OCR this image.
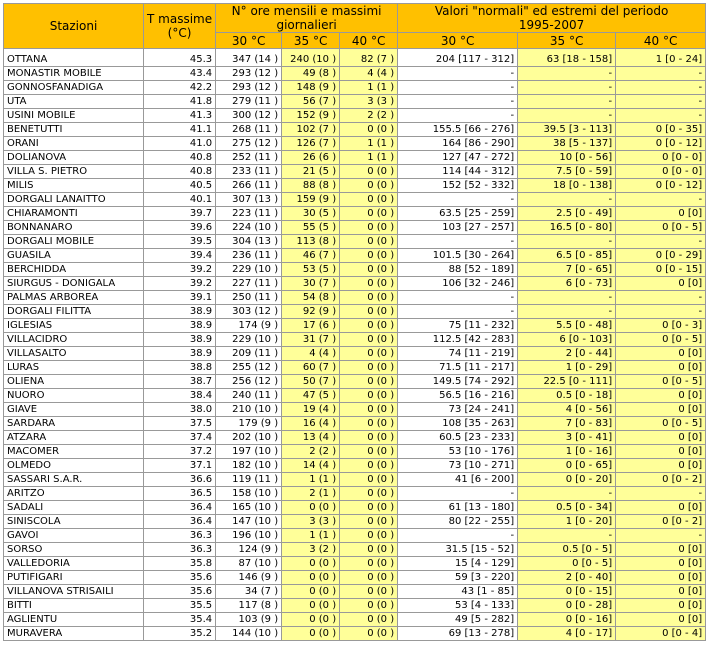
Stazioni	T massime
(°C)	N° ore mensili e massimi
giornalieri			Valori "normali" ed estremi del periodo
1995-2007		
		30 °C	35 °C	40 °C	30 °C	35 °C	40 °C
OTTANA	45.3	347 (14 )	240 (10 )	82 (7 )	204 [117 - 312]	63 [18 - 158]	1 [0 - 24]
MONASTIR MOBILE	43.4	293 (12 )	49 (8 )	4 (4 )	-	-	-
GONNOSFANADIGA	42.2	293 (12 )	148 (9 )	1 (1 )	-	-	-
UTA	41.8	279 (11 )	56 (7 )	3 (3 )	-	-	-
USINI MOBILE	41.3	300 (12 )	152 (9 )	2 (2 )	-	-	-
BENETUTTI	41.1	268 (11 )	102 (7 )	0 (0 )	155.5 [66 - 276]	39.5 [3 - 113]	0 [0 - 35]
ORANI	41.0	275 (12 )	126 (7 )	1 (1 )	164 [86 - 290]	38 [5 - 137]	0 [0 - 12]
DOLIANOVA	40.8	252 (11 )	26 (6 )	1 (1 )	127 [47 - 272]	10 [0 - 56]	0 [0 - 0]
VILLA S. PIETRO	40.8	233 (11 )	21 (5 )	0 (0 )	114 [44 - 312]	7.5 [0 - 59]	0 [0 - 0]
MILIS	40.5	266 (11 )	88 (8 )	0 (0 )	152 [52 - 332]	18 [0 - 138]	0 [0 - 12]
DORGALI LANAITTO	40.1	307 (13 )	159 (9 )	0 (0 )	-	-	-
CHIARAMONTI	39.7	223 (11 )	30 (5 )	0 (0 )	63.5 [25 - 259]	2.5 [0 - 49]	0 [0]
BONNANARO	39.6	224 (10 )	55 (5 )	0 (0 )	103 [27 - 257]	16.5 [0 - 80]	0 [0 - 5]
DORGALI MOBILE	39.5	304 (13 )	113 (8 )	0 (0 )	-	-	-
GUASILA	39.4	236 (11 )	46 (7 )	0 (0 )	101.5 [30 - 264]	6.5 [0 - 85]	0 [0 - 29]
BERCHIDDA	39.2	229 (10 )	53 (5 )	0 (0 )	88 [52 - 189]	7 [0 - 65]	0 [0 - 15]
SIURGUS - DONIGALA	39.2	227 (11 )	30 (7 )	0 (0 )	106 [32 - 246]	6 [0 - 73]	0 [0]
PALMAS ARBOREA	39.1	250 (11 )	54 (8 )	0 (0 )	-	-	-
DORGALI FILITTA	38.9	303 (12 )	92 (9 )	0 (0 )	-	-	-
IGLESIAS	38.9	174 (9 )	17 (6 )	0 (0 )	75 [11 - 232]	5.5 [0 - 48]	0 [0 - 3]
VILLACIDRO	38.9	229 (10 )	31 (7 )	0 (0 )	112.5 [42 - 283]	6 [0 - 103]	0 [0 - 5]
VILLASALTO	38.9	209 (11 )	4 (4 )	0 (0 )	74 [11 - 219]	2 [0 - 44]	0 [0]
LURAS	38.8	255 (12 )	60 (7 )	0 (0 )	71.5 [11 - 217]	1 [0 - 29]	0 [0]
OLIENA	38.7	256 (12 )	50 (7 )	0 (0 )	149.5 [74 - 292]	22.5 [0 - 111]	0 [0 - 5]
NUORO	38.4	240 (11 )	47 (5 )	0 (0 )	56.5 [16 - 216]	0.5 [0 - 18]	0 [0]
GIAVE	38.0	210 (10 )	19 (4 )	0 (0 )	73 [24 - 241]	4 [0 - 56]	0 [0]
SARDARA	37.5	179 (9 )	16 (4 )	0 (0 )	108 [35 - 263]	7 [0 - 83]	0 [0 - 5]
ATZARA	37.4	202 (10 )	13 (4 )	0 (0 )	60.5 [23 - 233]	3 [0 - 41]	0 [0]
MACOMER	37.2	197 (10 )	2 (2 )	0 (0 )	53 [10 - 176]	1 [0 - 16]	0 [0]
OLMEDO	37.1	182 (10 )	14 (4 )	0 (0 )	73 [10 - 271]	0 [0 - 65]	0 [0]
SASSARI S.A.R.	36.6	119 (11 )	1 (1 )	0 (0 )	41 [6 - 200]	0 [0 - 20]	0 [0 - 2]
ARITZO	36.5	158 (10 )	2 (1 )	0 (0 )	-	-	-
SADALI	36.4	165 (10 )	0 (0 )	0 (0 )	61 [13 - 180]	0.5 [0 - 34]	0 [0]
SINISCOLA	36.4	147 (10 )	3 (3 )	0 (0 )	80 [22 - 255]	1 [0 - 20]	0 [0 - 2]
GAVOI	36.3	196 (10 )	1 (1 )	0 (0 )	-	-	-
SORSO	36.3	124 (9 )	3 (2 )	0 (0 )	31.5 [15 - 52]	0.5 [0 - 5]	0 [0]
VALLEDORIA	35.8	87 (10 )	0 (0 )	0 (0 )	15 [4 - 129]	0 [0 - 5]	0 [0]
PUTIFIGARI	35.6	146 (9 )	0 (0 )	0 (0 )	59 [3 - 220]	2 [0 - 40]	0 [0]
VILLANOVA STRISAILI	35.6	34 (7 )	0 (0 )	0 (0 )	43 [1 - 85]	0 [0 - 15]	0 [0]
BITTI	35.5	117 (8 )	0 (0 )	0 (0 )	53 [4 - 133]	0 [0 - 28]	0 [0]
AGLIENTU	35.4	103 (9 )	0 (0 )	0 (0 )	49 [5 - 282]	0 [0 - 16]	0 [0]
MURAVERA	35.2	144 (10 )	0 (0 )	0 (0 )	69 [13 - 278]	4 [0 - 17]	0 [0 - 4]
